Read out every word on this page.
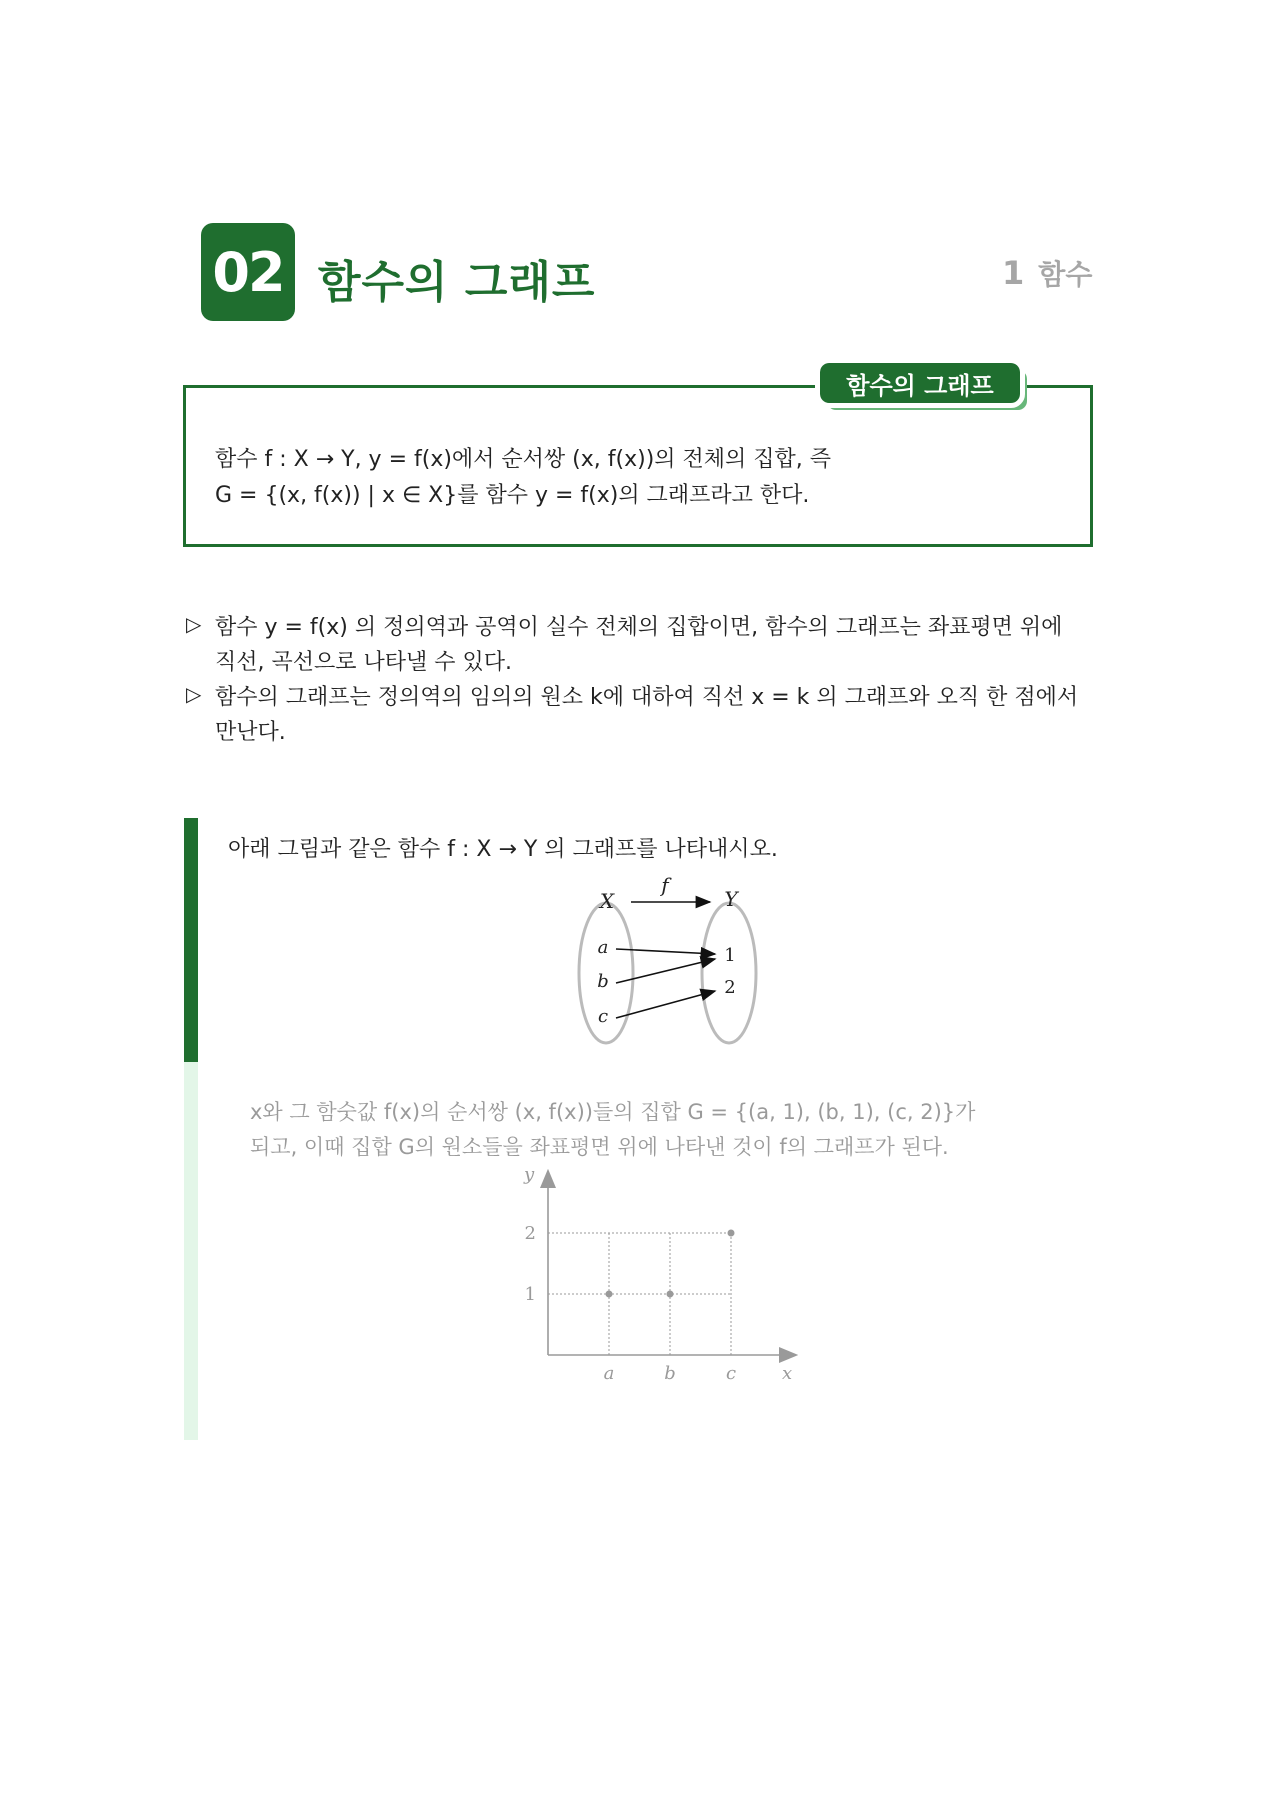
02 함수의 그래프	1 함수
함수의 그래프
함수 f : X → Y, y = f(x)에서 순서쌍 (x, f(x))의 전체의 집합, 즉
G = {(x, f(x)) | x ∈ X}를 함수 y = f(x)의 그래프라고 한다.
▷ 함수 y = f(x) 의 정의역과 공역이 실수 전체의 집합이면, 함수의 그래프는 좌표평면 위에
직선, 곡선으로 나타낼 수 있다.
▷ 함수의 그래프는 정의역의 임의의 원소 k에 대하여 직선 x = k 의 그래프와 오직 한 점에서
만난다.
아래 그림과 같은 함수 f : X → Y 의 그래프를 나타내시오.
X	Y
f
a
b
c
1
2
x와 그 함숫값 f(x)의 순서쌍 (x, f(x))들의 집합 G = {(a, 1), (b, 1), (c, 2)}가
되고, 이때 집합 G의 원소들을 좌표평면 위에 나타낸 것이 f의 그래프가 된다.
x
y
a	b	c
1
2
